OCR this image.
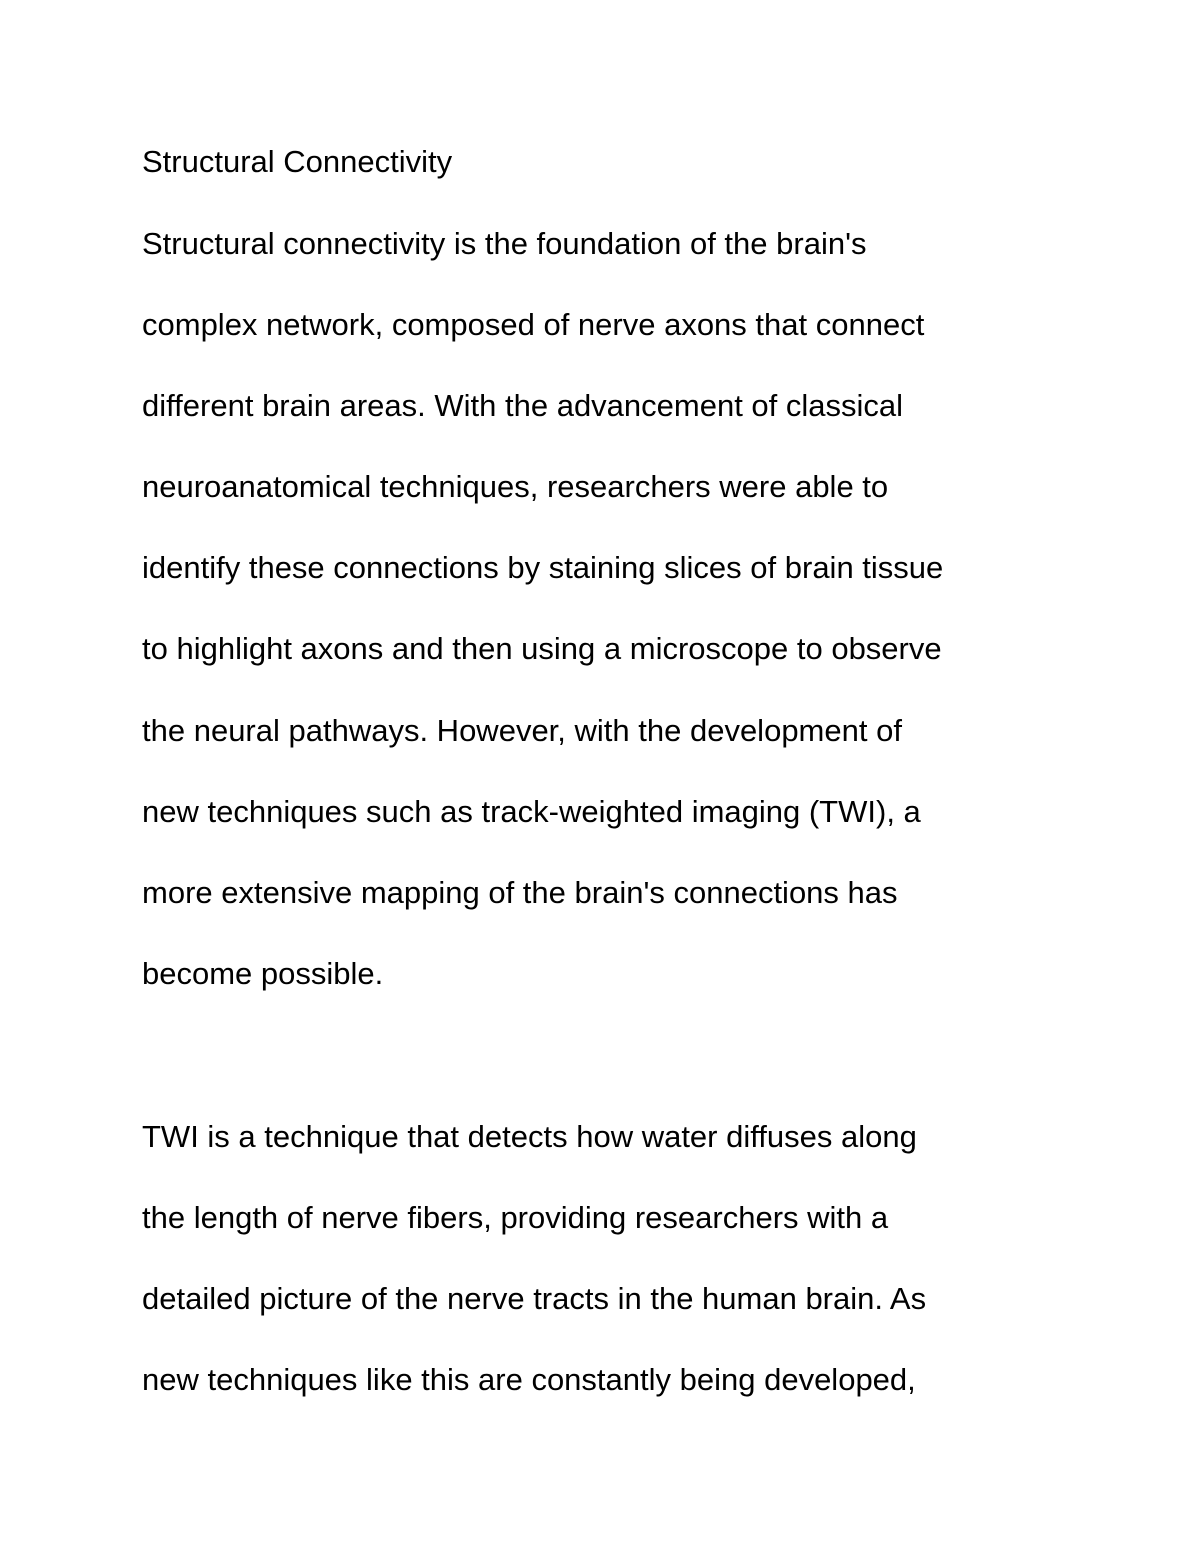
Structural Connectivity

Structural connectivity is the foundation of the brain's

complex network, composed of nerve axons that connect

different brain areas. With the advancement of classical

neuroanatomical techniques, researchers were able to

identify these connections by staining slices of brain tissue

to highlight axons and then using a microscope to observe

the neural pathways. However, with the development of

new techniques such as track-weighted imaging (TWI), a

more extensive mapping of the brain's connections has

become possible.

TWI is a technique that detects how water diffuses along

the length of nerve fibers, providing researchers with a

detailed picture of the nerve tracts in the human brain. As

new techniques like this are constantly being developed,
